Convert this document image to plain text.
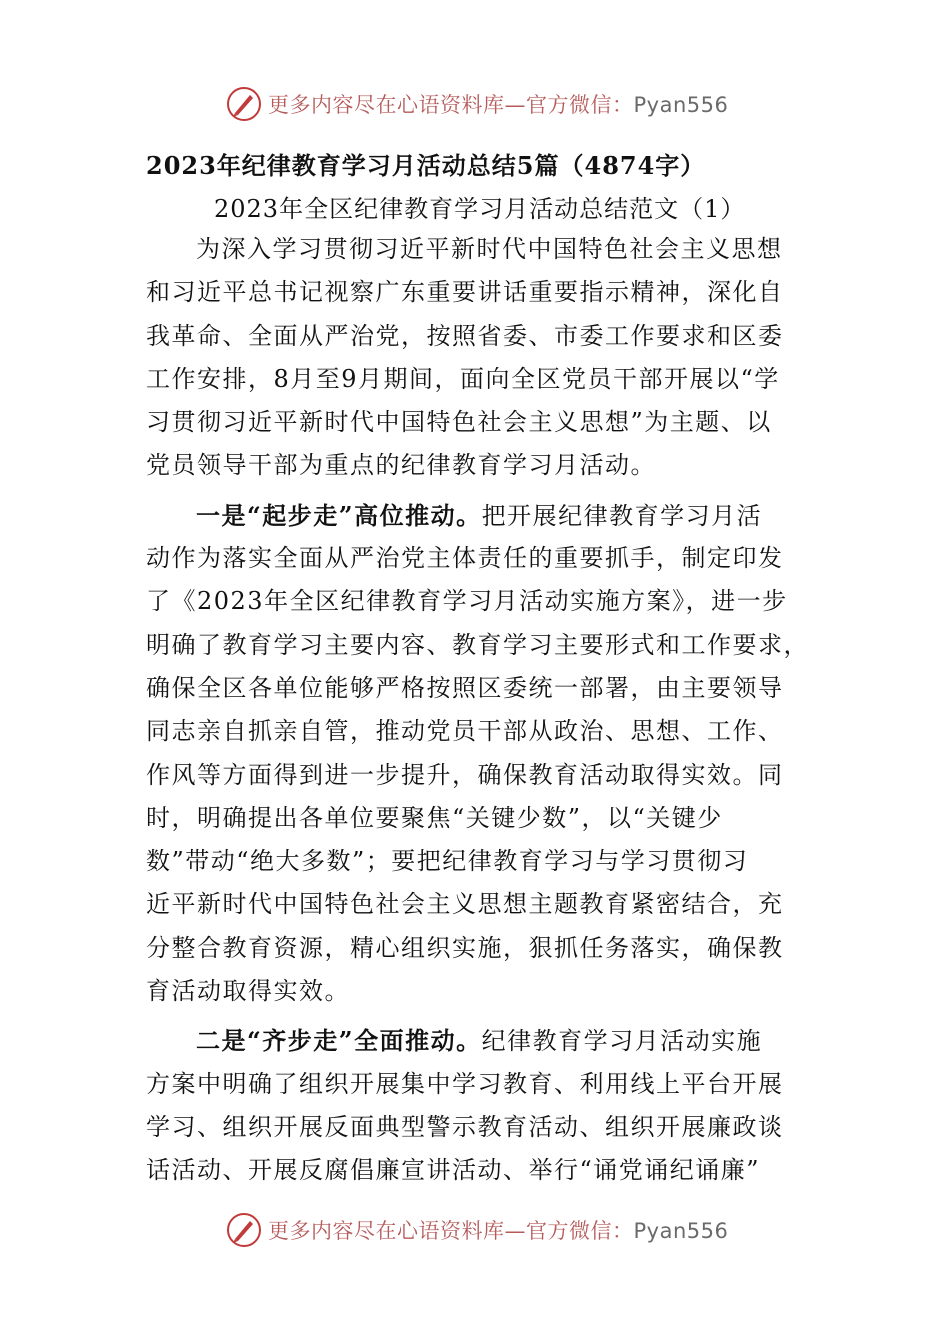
更多内容尽在心语资料库—官方微信：Pyan556
2023年纪律教育学习月活动总结5篇（4874字）
2023年全区纪律教育学习月活动总结范文（1）
为深入学习贯彻习近平新时代中国特色社会主义思想
和习近平总书记视察广东重要讲话重要指示精神，深化自
我革命、全面从严治党，按照省委、市委工作要求和区委
工作安排，8月至9月期间，面向全区党员干部开展以“学
习贯彻习近平新时代中国特色社会主义思想”为主题、以
党员领导干部为重点的纪律教育学习月活动。
一是“起步走”高位推动。把开展纪律教育学习月活
动作为落实全面从严治党主体责任的重要抓手，制定印发
了《2023年全区纪律教育学习月活动实施方案》，进一步
明确了教育学习主要内容、教育学习主要形式和工作要求，
确保全区各单位能够严格按照区委统一部署，由主要领导
同志亲自抓亲自管，推动党员干部从政治、思想、工作、
作风等方面得到进一步提升，确保教育活动取得实效。同
时，明确提出各单位要聚焦“关键少数”，以“关键少
数”带动“绝大多数”；要把纪律教育学习与学习贯彻习
近平新时代中国特色社会主义思想主题教育紧密结合，充
分整合教育资源，精心组织实施，狠抓任务落实，确保教
育活动取得实效。
二是“齐步走”全面推动。纪律教育学习月活动实施
方案中明确了组织开展集中学习教育、利用线上平台开展
学习、组织开展反面典型警示教育活动、组织开展廉政谈
话活动、开展反腐倡廉宣讲活动、举行“诵党诵纪诵廉”
更多内容尽在心语资料库—官方微信：Pyan556
